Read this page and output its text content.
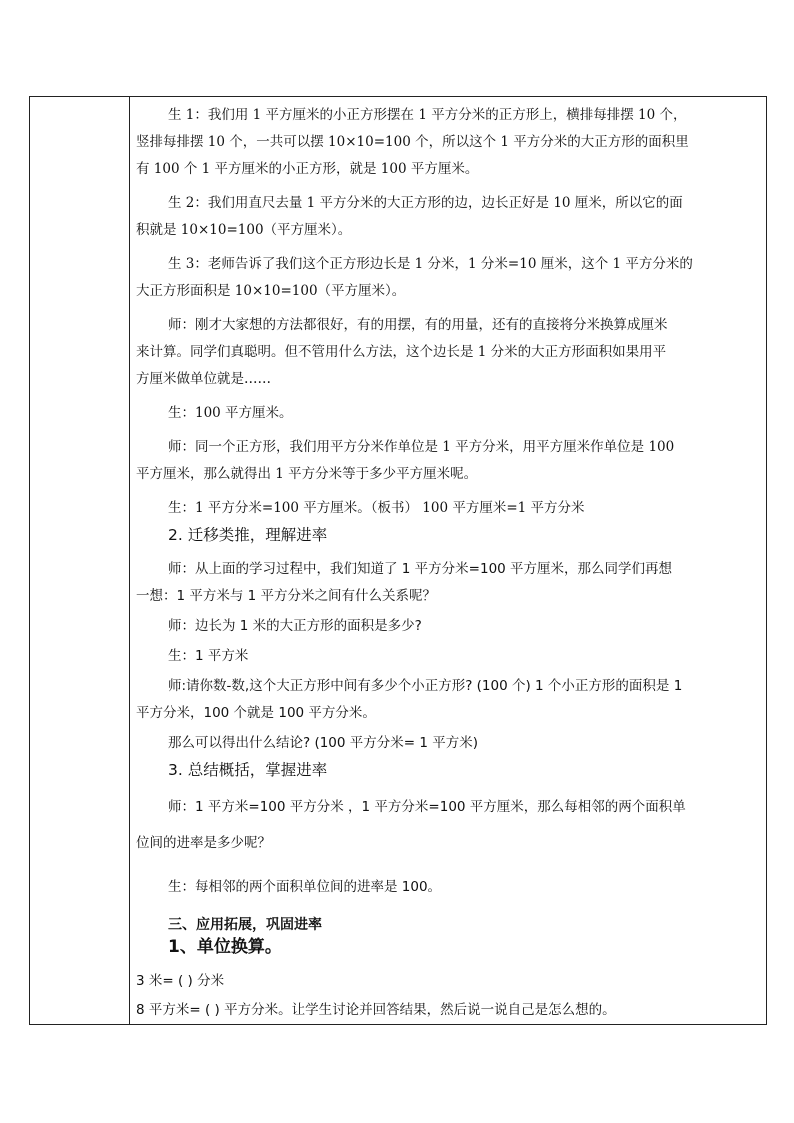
生 1：我们用 1 平方厘米的小正方形摆在 1 平方分米的正方形上，横排每排摆 10 个，
竖排每排摆 10 个，一共可以摆 10×10=100 个，所以这个 1 平方分米的大正方形的面积里
有 100 个 1 平方厘米的小正方形，就是 100 平方厘米。
生 2：我们用直尺去量 1 平方分米的大正方形的边，边长正好是 10 厘米，所以它的面
积就是 10×10=100（平方厘米）。
生 3：老师告诉了我们这个正方形边长是 1 分米，1 分米=10 厘米，这个 1 平方分米的
大正方形面积是 10×10=100（平方厘米）。
师：刚才大家想的方法都很好，有的用摆，有的用量，还有的直接将分米换算成厘米
来计算。同学们真聪明。但不管用什么方法，这个边长是 1 分米的大正方形面积如果用平
方厘米做单位就是……
生：100 平方厘米。
师：同一个正方形，我们用平方分米作单位是 1 平方分米，用平方厘米作单位是 100
平方厘米，那么就得出 1 平方分米等于多少平方厘米呢。
生：1 平方分米=100 平方厘米。（板书） 100 平方厘米=1 平方分米
2. 迁移类推，理解进率
师：从上面的学习过程中，我们知道了 1 平方分米=100 平方厘米，那么同学们再想
一想：1 平方米与 1 平方分米之间有什么关系呢？
师：边长为 1 米的大正方形的面积是多少?
生：1 平方米
师:请你数-数,这个大正方形中间有多少个小正方形? (100 个) 1 个小正方形的面积是 1
平方分米，100 个就是 100 平方分米。
那么可以得出什么结论? (100 平方分米= 1 平方米)
3. 总结概括，掌握进率
师：1 平方米=100 平方分米 ，1 平方分米=100 平方厘米，那么每相邻的两个面积单
位间的进率是多少呢？
生：每相邻的两个面积单位间的进率是 100。
三、应用拓展，巩固进率
1、单位换算。
3 米= ( ) 分米
8 平方米= ( ) 平方分米。让学生讨论并回答结果，然后说一说自己是怎么想的。
